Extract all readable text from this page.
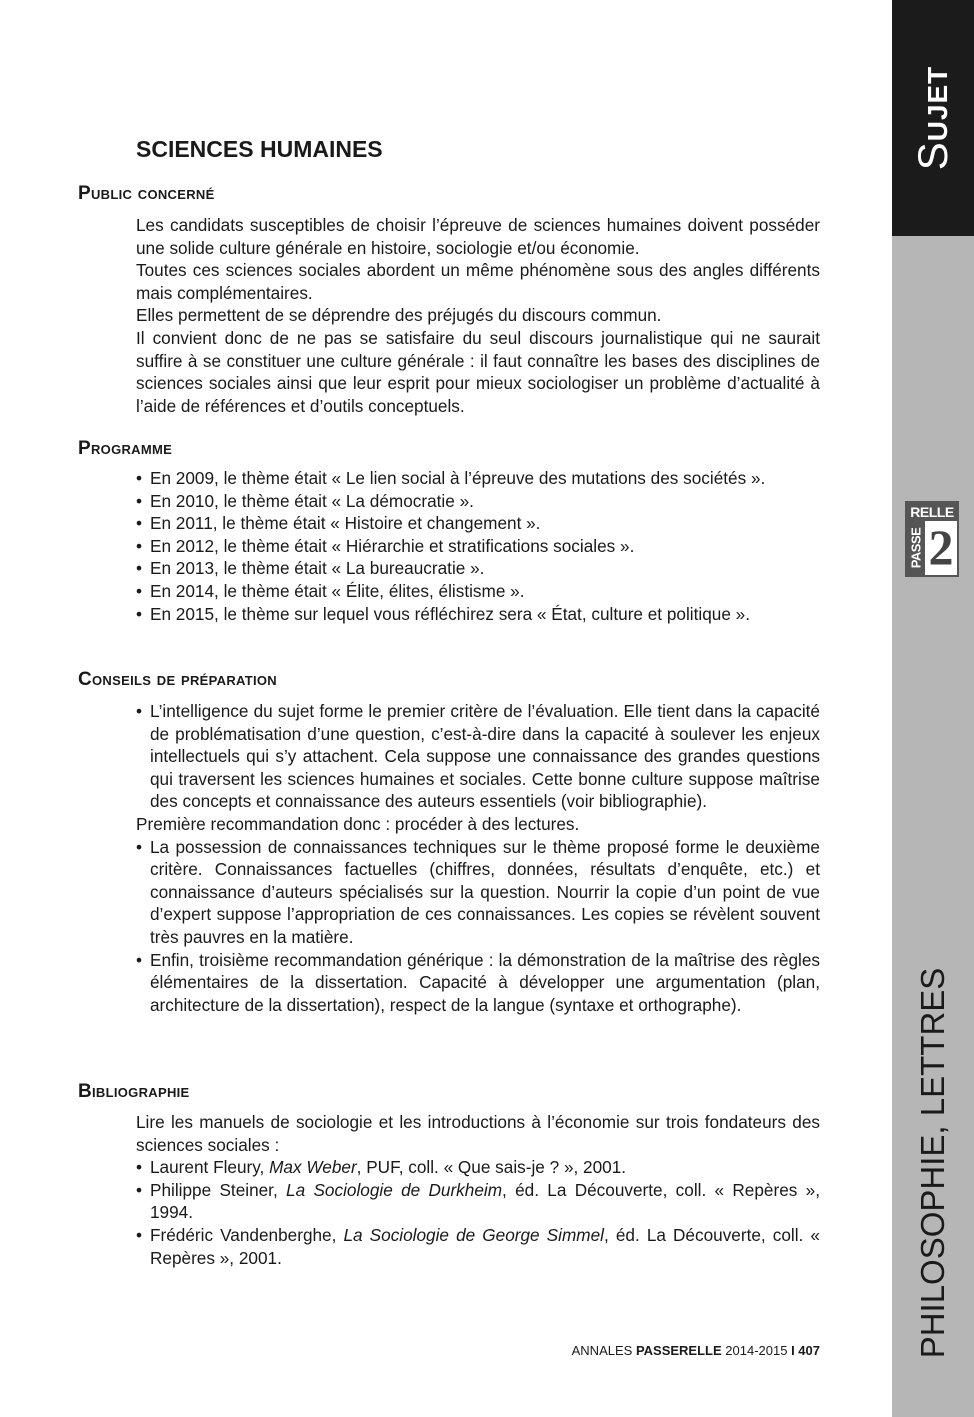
SUJET
PHILOSOPHIE, LETTRES
RELLE
PASSE 2
SCIENCES HUMAINES
Public concerné

Les candidats susceptibles de choisir l’épreuve de sciences humaines doivent posséder une solide culture générale en histoire, sociologie et/ou économie.

Toutes ces sciences sociales abordent un même phénomène sous des angles différents mais complémentaires.

Elles permettent de se déprendre des préjugés du discours commun.

Il convient donc de ne pas se satisfaire du seul discours journalistique qui ne saurait suffire à se constituer une culture générale : il faut connaître les bases des disciplines de sciences sociales ainsi que leur esprit pour mieux sociologiser un problème d’actualité à l’aide de références et d’outils conceptuels.

Programme
• En 2009, le thème était « Le lien social à l’épreuve des mutations des sociétés ».
• En 2010, le thème était « La démocratie ».
• En 2011, le thème était « Histoire et changement ».
• En 2012, le thème était « Hiérarchie et stratifications sociales ».
• En 2013, le thème était « La bureaucratie ».
• En 2014, le thème était « Élite, élites, élistisme ».
• En 2015, le thème sur lequel vous réfléchirez sera « État, culture et politique ».
Conseils de préparation
• L’intelligence du sujet forme le premier critère de l’évaluation. Elle tient dans la capacité de problématisation d’une question, c’est-à-dire dans la capacité à soulever les enjeux intellectuels qui s’y attachent. Cela suppose une connaissance des grandes questions qui traversent les sciences humaines et sociales. Cette bonne culture suppose maîtrise des concepts et connaissance des auteurs essentiels (voir bibliographie).

Première recommandation donc : procéder à des lectures.

• La possession de connaissances techniques sur le thème proposé forme le deuxième critère. Connaissances factuelles (chiffres, données, résultats d’enquête, etc.) et connaissance d’auteurs spécialisés sur la question. Nourrir la copie d’un point de vue d’expert suppose l’appropriation de ces connaissances. Les copies se révèlent souvent très pauvres en la matière.
• Enfin, troisième recommandation générique : la démonstration de la maîtrise des règles élémentaires de la dissertation. Capacité à développer une argumentation (plan, architecture de la dissertation), respect de la langue (syntaxe et orthographe).
Bibliographie

Lire les manuels de sociologie et les introductions à l’économie sur trois fondateurs des sciences sociales :

• Laurent Fleury, Max Weber, PUF, coll. « Que sais-je ? », 2001.
• Philippe Steiner, La Sociologie de Durkheim, éd. La Découverte, coll. « Repères », 1994.
• Frédéric Vandenberghe, La Sociologie de George Simmel, éd. La Découverte, coll. « Repères », 2001.
ANNALES PASSERELLE 2014-2015 I 407
